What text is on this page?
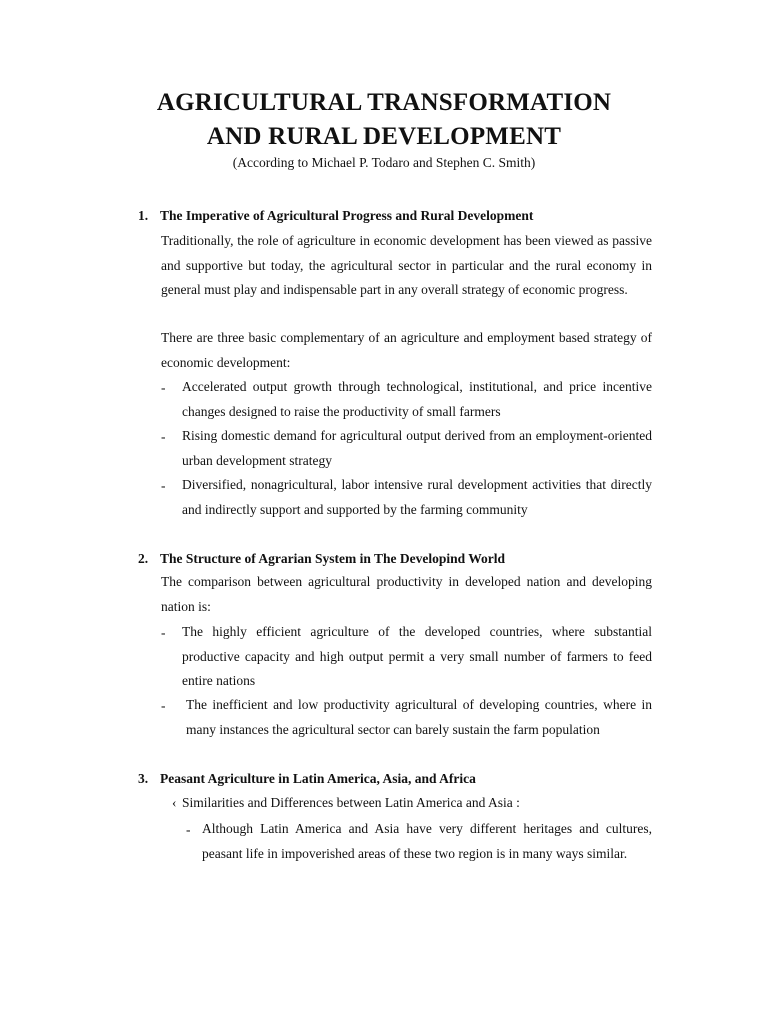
AGRICULTURAL TRANSFORMATION
AND RURAL DEVELOPMENT
(According to Michael P. Todaro and Stephen C. Smith)
1. The Imperative of Agricultural Progress and Rural Development
Traditionally, the role of agriculture in economic development has been viewed as passive and supportive but today, the agricultural sector in particular and the rural economy in general must play and indispensable part in any overall strategy of economic progress.
There are three basic complementary of an agriculture and employment based strategy of economic development:
- Accelerated output growth through technological, institutional, and price incentive changes designed to raise the productivity of small farmers
- Rising domestic demand for agricultural output derived from an employment-oriented urban development strategy
- Diversified, nonagricultural, labor intensive rural development activities that directly and indirectly support and supported by the farming community
2. The Structure of Agrarian System in The Developind World
The comparison between agricultural productivity in developed nation and developing nation is:
- The highly efficient agriculture of the developed countries, where substantial productive capacity and high output permit a very small number of farmers to feed entire nations
- The inefficient and low productivity agricultural of developing countries, where in many instances the agricultural sector can barely sustain the farm population
3. Peasant Agriculture in Latin America, Asia, and Africa
‹ Similarities and Differences between Latin America and Asia :
- Although Latin America and Asia have very different heritages and cultures, peasant life in impoverished areas of these two region is in many ways similar.
